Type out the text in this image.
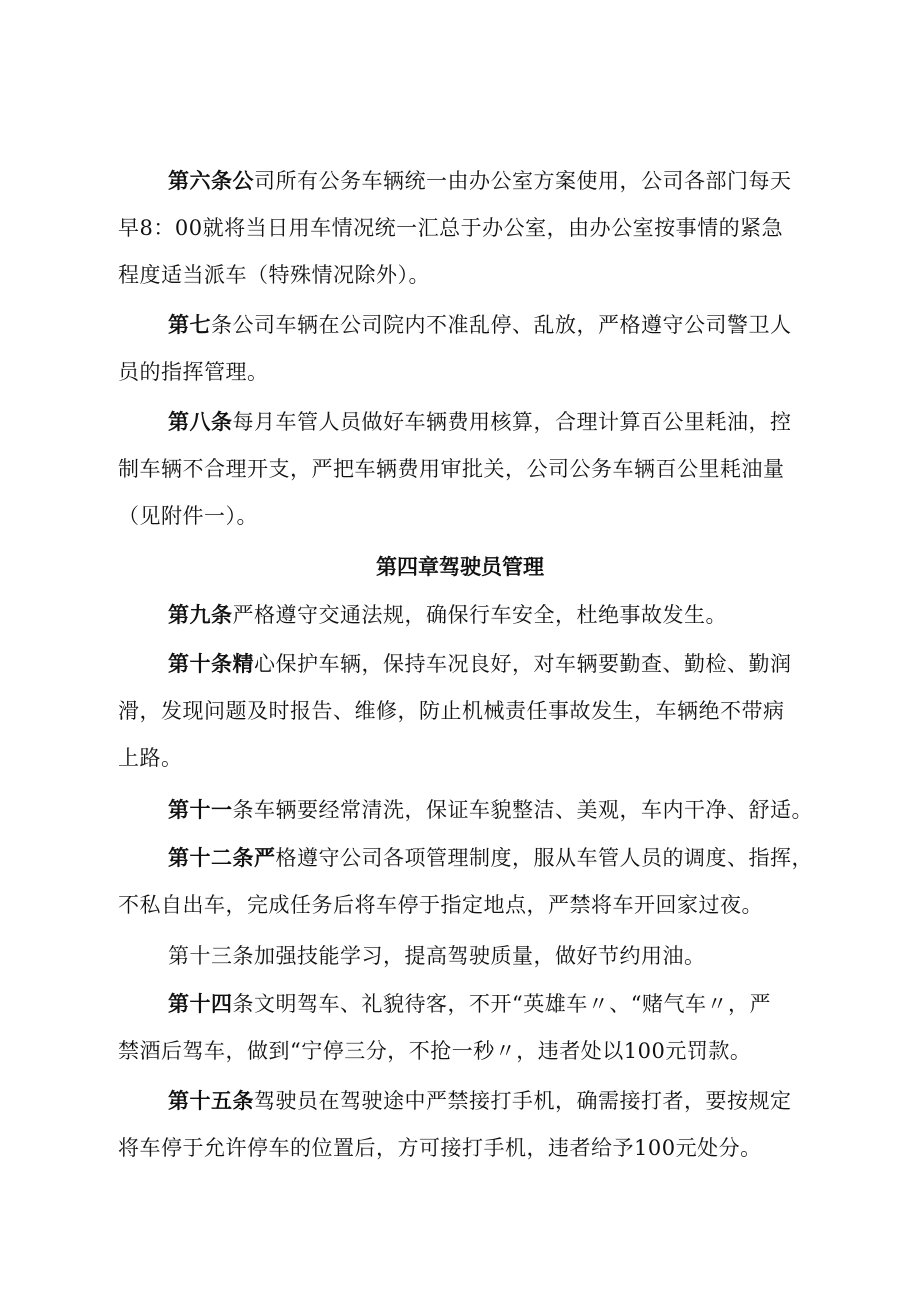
第六条公司所有公务车辆统一由办公室方案使用，公司各部门每天
早8：00就将当日用车情况统一汇总于办公室，由办公室按事情的紧急
程度适当派车（特殊情况除外）。
第七条公司车辆在公司院内不准乱停、乱放，严格遵守公司警卫人
员的指挥管理。
第八条每月车管人员做好车辆费用核算，合理计算百公里耗油，控
制车辆不合理开支，严把车辆费用审批关，公司公务车辆百公里耗油量
（见附件一）。
第四章驾驶员管理
第九条严格遵守交通法规，确保行车安全，杜绝事故发生。
第十条精心保护车辆，保持车况良好，对车辆要勤查、勤检、勤润
滑，发现问题及时报告、维修，防止机械责任事故发生，车辆绝不带病
上路。
第十一条车辆要经常清洗，保证车貌整洁、美观，车内干净、舒适。
第十二条严格遵守公司各项管理制度，服从车管人员的调度、指挥，
不私自出车，完成任务后将车停于指定地点，严禁将车开回家过夜。
第十三条加强技能学习，提高驾驶质量，做好节约用油。
第十四条文明驾车、礼貌待客，不开“英雄车〃、“赌气车〃，严
禁酒后驾车，做到“宁停三分，不抢一秒〃，违者处以100元罚款。
第十五条驾驶员在驾驶途中严禁接打手机，确需接打者，要按规定
将车停于允许停车的位置后，方可接打手机，违者给予100元处分。
